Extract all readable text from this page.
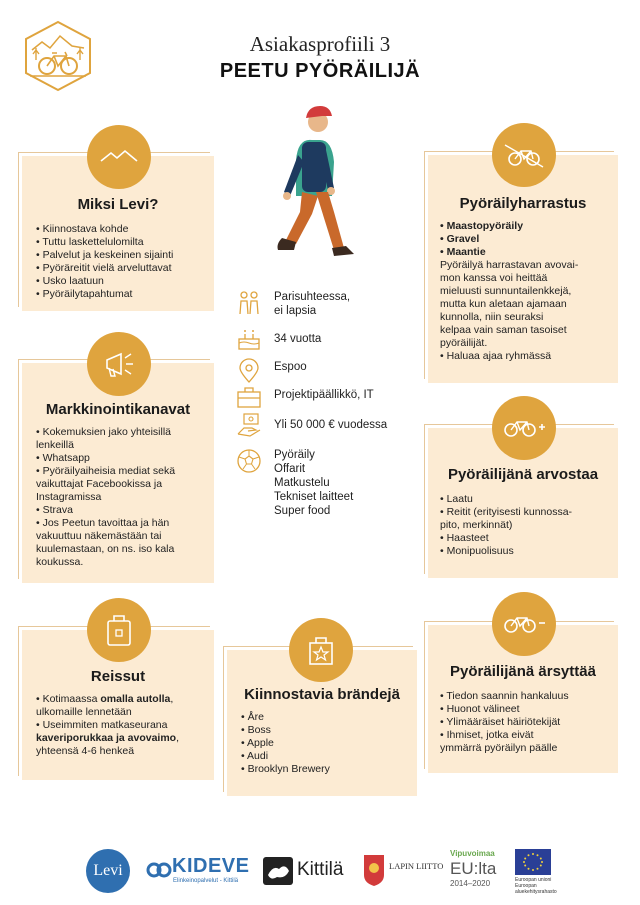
Asiakasprofiili 3
PEETU PYÖRÄILIJÄ
Miksi Levi?
• Kiinnostava kohde
• Tuttu laskettelulomilta
• Palvelut ja keskeinen sijainti
• Pyöräreitit vielä arveluttavat
• Usko laatuun
• Pyöräilytapahtumat
Pyöräilyharrastus
• Maastopyöräily
• Gravel
• Maantie
Pyöräilyä harrastavan avovai-
mon kanssa voi heittää
mieluusti sunnuntailenkkejä,
mutta kun aletaan ajamaan
kunnolla, niin seuraksi
kelpaa vain saman tasoiset
pyöräilijät.
• Haluaa ajaa ryhmässä
Markkinointikanavat
• Kokemuksien jako yhteisillä
lenkeillä
• Whatsapp
• Pyöräilyaiheisia mediat sekä
vaikuttajat Facebookissa ja
Instagramissa
• Strava
• Jos Peetun tavoittaa ja hän
vakuuttuu näkemästään tai
kuulemastaan, on ns. iso kala
koukussa.
Pyöräilijänä arvostaa
• Laatu
• Reitit (erityisesti kunnossa-
pito, merkinnät)
• Haasteet
• Monipuolisuus
Reissut
• Kotimaassa omalla autolla,
ulkomaille lennetään
• Useimmiten matkaseurana
kaveriporukkaa ja avovaimo,
yhteensä 4-6 henkeä
Kiinnostavia brändejä
• Åre
• Boss
• Apple
• Audi
• Brooklyn Brewery
Pyöräilijänä ärsyttää
• Tiedon saannin hankaluus
• Huonot välineet
• Ylimääräiset häiriötekijät
• Ihmiset, jotka eivät
ymmärrä pyöräilyn päälle
Parisuhteessa,
ei lapsia
34 vuotta
Espoo
Projektipäällikkö, IT
Yli 50 000 € vuodessa
Pyöräily
Offarit
Matkustelu
Tekniset laitteet
Super food
Levi KIDEVE
Elinkeinopalvelut - Kittilä
Kittilä	LAPIN LIITTO
Vipuvoimaa
EU:lta
2014–2020	Euroopan unioni
Euroopan aluekehitysrahasto
